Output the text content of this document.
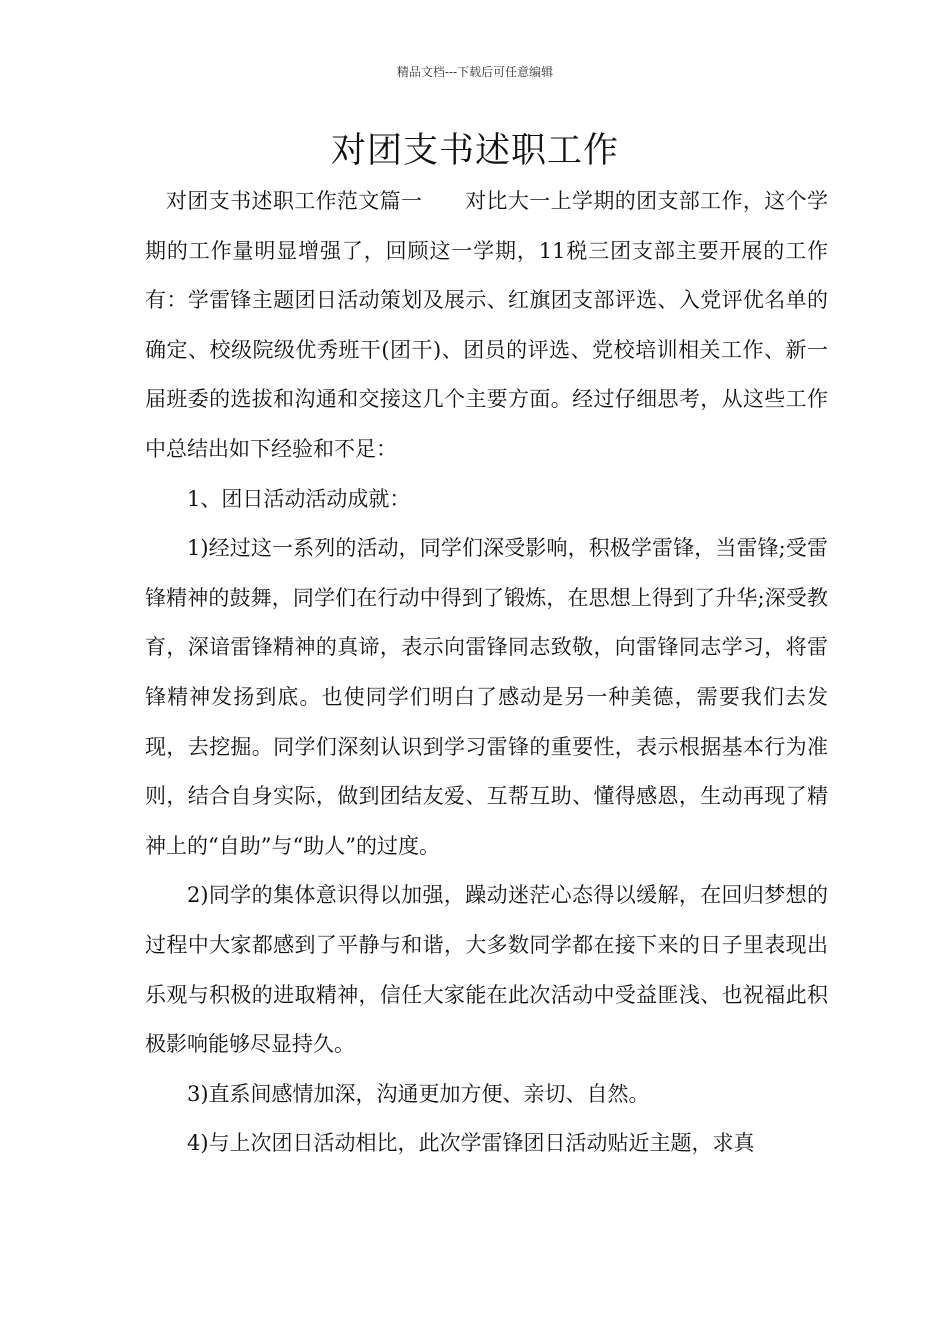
精品文档---下载后可任意编辑
对团支书述职工作

对团支书述职工作范文篇一　　对比大一上学期的团支部工作，这个学期的工作量明显增强了，回顾这一学期，11税三团支部主要开展的工作有：学雷锋主题团日活动策划及展示、红旗团支部评选、入党评优名单的确定、校级院级优秀班干(团干)、团员的评选、党校培训相关工作、新一届班委的选拔和沟通和交接这几个主要方面。经过仔细思考，从这些工作中总结出如下经验和不足：

1、团日活动活动成就：

1)经过这一系列的活动，同学们深受影响，积极学雷锋，当雷锋;受雷锋精神的鼓舞，同学们在行动中得到了锻炼，在思想上得到了升华;深受教育，深谙雷锋精神的真谛，表示向雷锋同志致敬，向雷锋同志学习，将雷锋精神发扬到底。也使同学们明白了感动是另一种美德，需要我们去发现，去挖掘。同学们深刻认识到学习雷锋的重要性，表示根据基本行为准则，结合自身实际，做到团结友爱、互帮互助、懂得感恩，生动再现了精神上的“自助”与“助人”的过度。

2)同学的集体意识得以加强，躁动迷茫心态得以缓解，在回归梦想的过程中大家都感到了平静与和谐，大多数同学都在接下来的日子里表现出乐观与积极的进取精神，信任大家能在此次活动中受益匪浅、也祝福此积极影响能够尽显持久。

3)直系间感情加深，沟通更加方便、亲切、自然。

4)与上次团日活动相比，此次学雷锋团日活动贴近主题，求真
